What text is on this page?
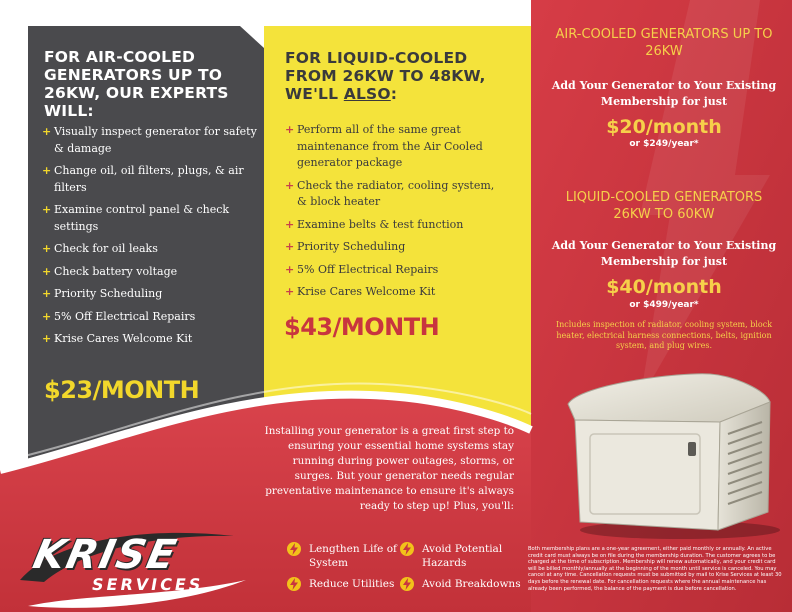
FOR AIR-COOLED GENERATORS UP TO 26KW, OUR EXPERTS WILL:
+ Visually inspect generator for safety & damage
+ Change oil, oil filters, plugs, & air filters
+ Examine control panel & check settings
+ Check for oil leaks
+ Check battery voltage
+ Priority Scheduling
+ 5% Off Electrical Repairs
+ Krise Cares Welcome Kit
$23/MONTH
FOR LIQUID-COOLED FROM 26KW TO 48KW, WE'LL ALSO:
+ Perform all of the same great maintenance from the Air Cooled generator package
+ Check the radiator, cooling system, & block heater
+ Examine belts & test function
+ Priority Scheduling
+ 5% Off Electrical Repairs
+ Krise Cares Welcome Kit
$43/MONTH
AIR-COOLED GENERATORS UP TO 26KW
Add Your Generator to Your Existing Membership for just
$20/month
or $249/year*
LIQUID-COOLED GENERATORS 26KW TO 60KW
Add Your Generator to Your Existing Membership for just
$40/month
or $499/year*
Includes inspection of radiator, cooling system, block heater, electrical harness connections, belts, ignition system, and plug wires.
Installing your generator is a great first step to ensuring your essential home systems stay running during power outages, storms, or surges. But your generator needs regular preventative maintenance to ensure it's always ready to step up! Plus, you'll:
Lengthen Life of System
Avoid Potential Hazards
Reduce Utilities	Avoid Breakdowns
Both membership plans are a one-year agreement, either paid monthly or annually. An active credit card must always be on file during the membership duration. The customer agrees to be charged at the time of subscription. Membership will renew automatically, and your credit card will be billed monthly/annually at the beginning of the month until service is canceled. You may cancel at any time. Cancellation requests must be submitted by mail to Krise Services at least 30 days before the renewal date. For cancellation requests where the annual maintenance has already been performed, the balance of the payment is due before cancellation.
KRISE
SERVICES
